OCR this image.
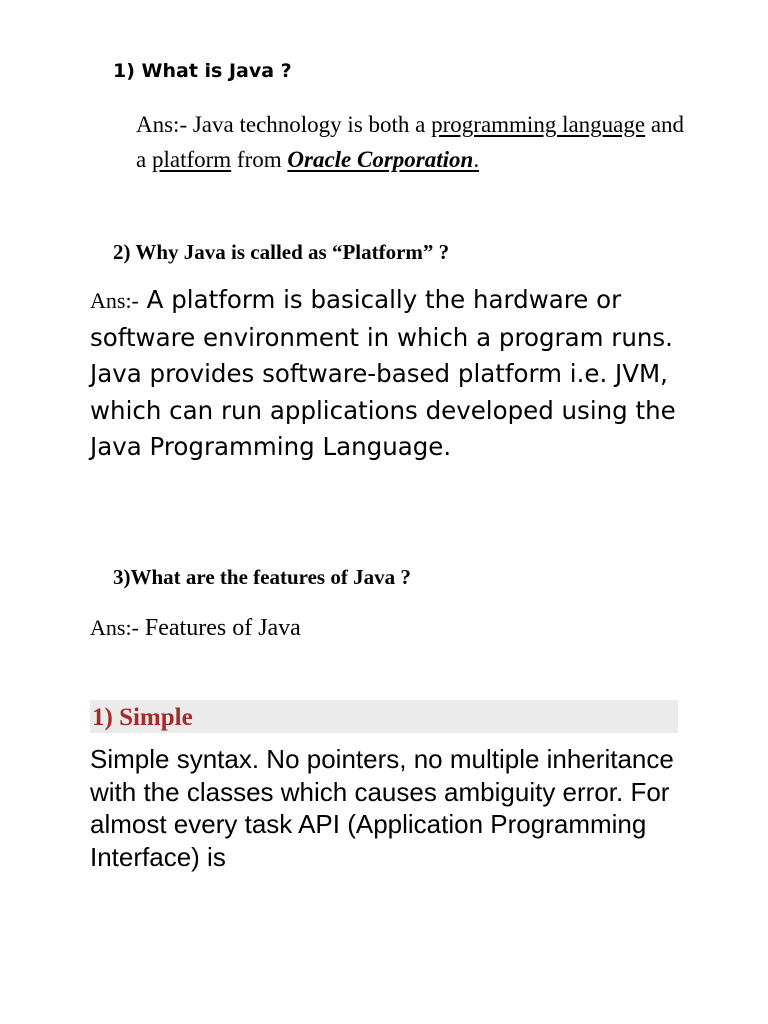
1) What is Java ?
Ans:- Java technology is both a programming language and a platform from Oracle Corporation.
2) Why Java is called as “Platform” ?
Ans:- A platform is basically the hardware or software environment in which a program runs. Java provides software-based platform i.e. JVM, which can run applications developed using the Java Programming Language.
3)What are the features of Java ?
Ans:- Features of Java
1) Simple
Simple syntax. No pointers, no multiple inheritance with the classes which causes ambiguity error. For almost every task API (Application Programming Interface) is
